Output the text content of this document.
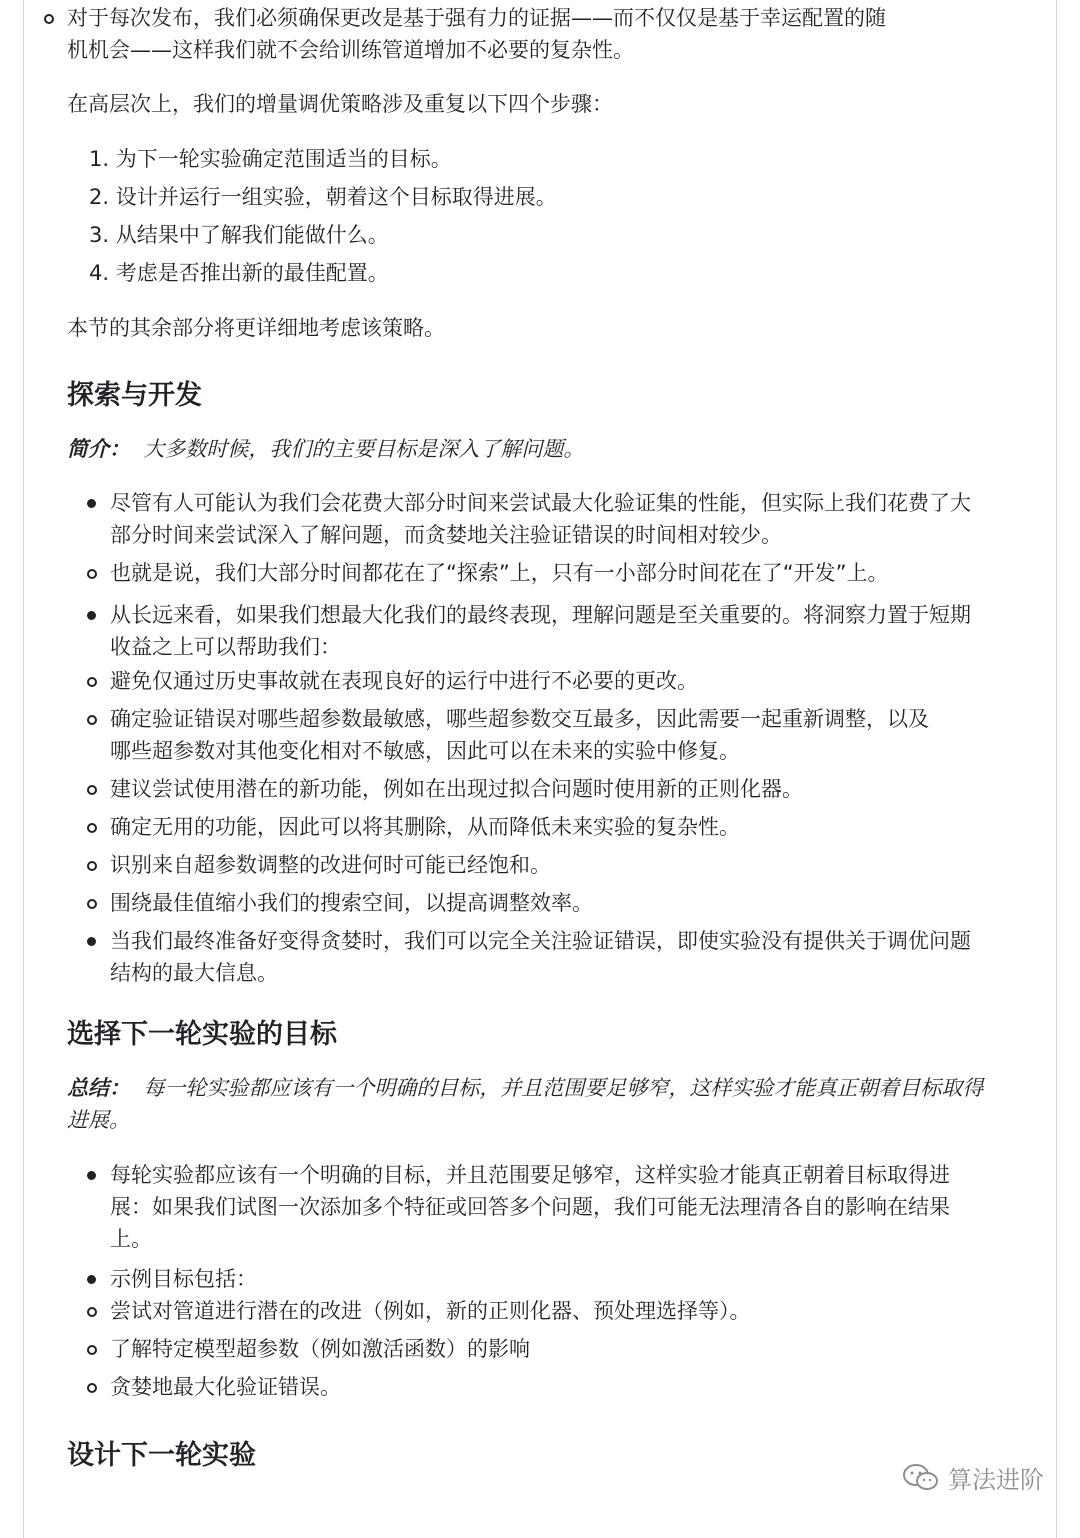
对于每次发布，我们必须确保更改是基于强有力的证据——而不仅仅是基于幸运配置的随
机机会——这样我们就不会给训练管道增加不必要的复杂性。

在高层次上，我们的增量调优策略涉及重复以下四个步骤：

1. 为下一轮实验确定范围适当的目标。
2. 设计并运行一组实验，朝着这个目标取得进展。
3. 从结果中了解我们能做什么。
4. 考虑是否推出新的最佳配置。

本节的其余部分将更详细地考虑该策略。

探索与开发

简介： 大多数时候，我们的主要目标是深入了解问题。

尽管有人可能认为我们会花费大部分时间来尝试最大化验证集的性能，但实际上我们花费了大
部分时间来尝试深入了解问题，而贪婪地关注验证错误的时间相对较少。
也就是说，我们大部分时间都花在了“探索”上，只有一小部分时间花在了“开发”上。
从长远来看，如果我们想最大化我们的最终表现，理解问题是至关重要的。将洞察力置于短期
收益之上可以帮助我们：
避免仅通过历史事故就在表现良好的运行中进行不必要的更改。
确定验证错误对哪些超参数最敏感，哪些超参数交互最多，因此需要一起重新调整，以及
哪些超参数对其他变化相对不敏感，因此可以在未来的实验中修复。
建议尝试使用潜在的新功能，例如在出现过拟合问题时使用新的正则化器。
确定无用的功能，因此可以将其删除，从而降低未来实验的复杂性。
识别来自超参数调整的改进何时可能已经饱和。
围绕最佳值缩小我们的搜索空间，以提高调整效率。
当我们最终准备好变得贪婪时，我们可以完全关注验证错误，即使实验没有提供关于调优问题
结构的最大信息。
选择下一轮实验的目标

总结： 每一轮实验都应该有一个明确的目标，并且范围要足够窄，这样实验才能真正朝着目标取得
进展。

每轮实验都应该有一个明确的目标，并且范围要足够窄，这样实验才能真正朝着目标取得进
展：如果我们试图一次添加多个特征或回答多个问题，我们可能无法理清各自的影响在结果
上。
示例目标包括：
尝试对管道进行潜在的改进（例如，新的正则化器、预处理选择等）。
了解特定模型超参数（例如激活函数）的影响
贪婪地最大化验证错误。
设计下一轮实验
算法进阶
